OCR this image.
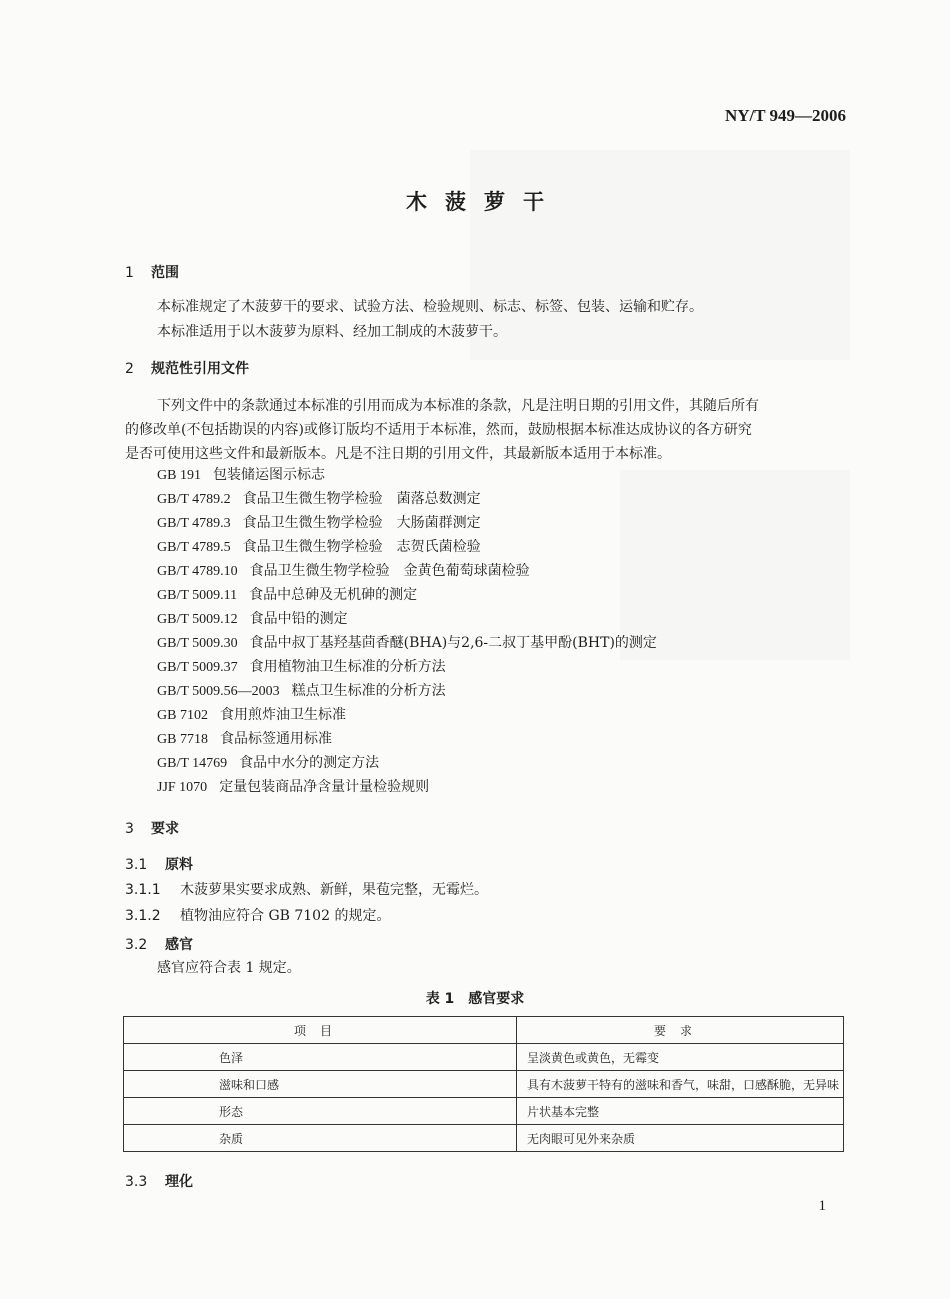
NY/T 949—2006
木菠萝干
1 范围
本标准规定了木菠萝干的要求、试验方法、检验规则、标志、标签、包装、运输和贮存。
本标准适用于以木菠萝为原料、经加工制成的木菠萝干。
2 规范性引用文件
下列文件中的条款通过本标准的引用而成为本标准的条款，凡是注明日期的引用文件，其随后所有
的修改单(不包括勘误的内容)或修订版均不适用于本标准，然而，鼓励根据本标准达成协议的各方研究
是否可使用这些文件和最新版本。凡是不注日期的引用文件，其最新版本适用于本标准。
GB 191 包装储运图示标志
GB/T 4789.2 食品卫生微生物学检验　菌落总数测定
GB/T 4789.3 食品卫生微生物学检验　大肠菌群测定
GB/T 4789.5 食品卫生微生物学检验　志贺氏菌检验
GB/T 4789.10 食品卫生微生物学检验　金黄色葡萄球菌检验
GB/T 5009.11 食品中总砷及无机砷的测定
GB/T 5009.12 食品中铅的测定
GB/T 5009.30 食品中叔丁基羟基茴香醚(BHA)与2,6-二叔丁基甲酚(BHT)的测定
GB/T 5009.37 食用植物油卫生标准的分析方法
GB/T 5009.56—2003 糕点卫生标准的分析方法
GB 7102 食用煎炸油卫生标准
GB 7718 食品标签通用标准
GB/T 14769 食品中水分的测定方法
JJF 1070 定量包装商品净含量计量检验规则
3 要求
3.1 原料
3.1.1 木菠萝果实要求成熟、新鲜，果苞完整，无霉烂。
3.1.2 植物油应符合 GB 7102 的规定。
3.2 感官
感官应符合表 1 规定。
表 1　感官要求
项目	要求
色泽	呈淡黄色或黄色，无霉变
滋味和口感	具有木菠萝干特有的滋味和香气，味甜，口感酥脆，无异味
形态	片状基本完整
杂质	无肉眼可见外来杂质
3.3 理化
1
